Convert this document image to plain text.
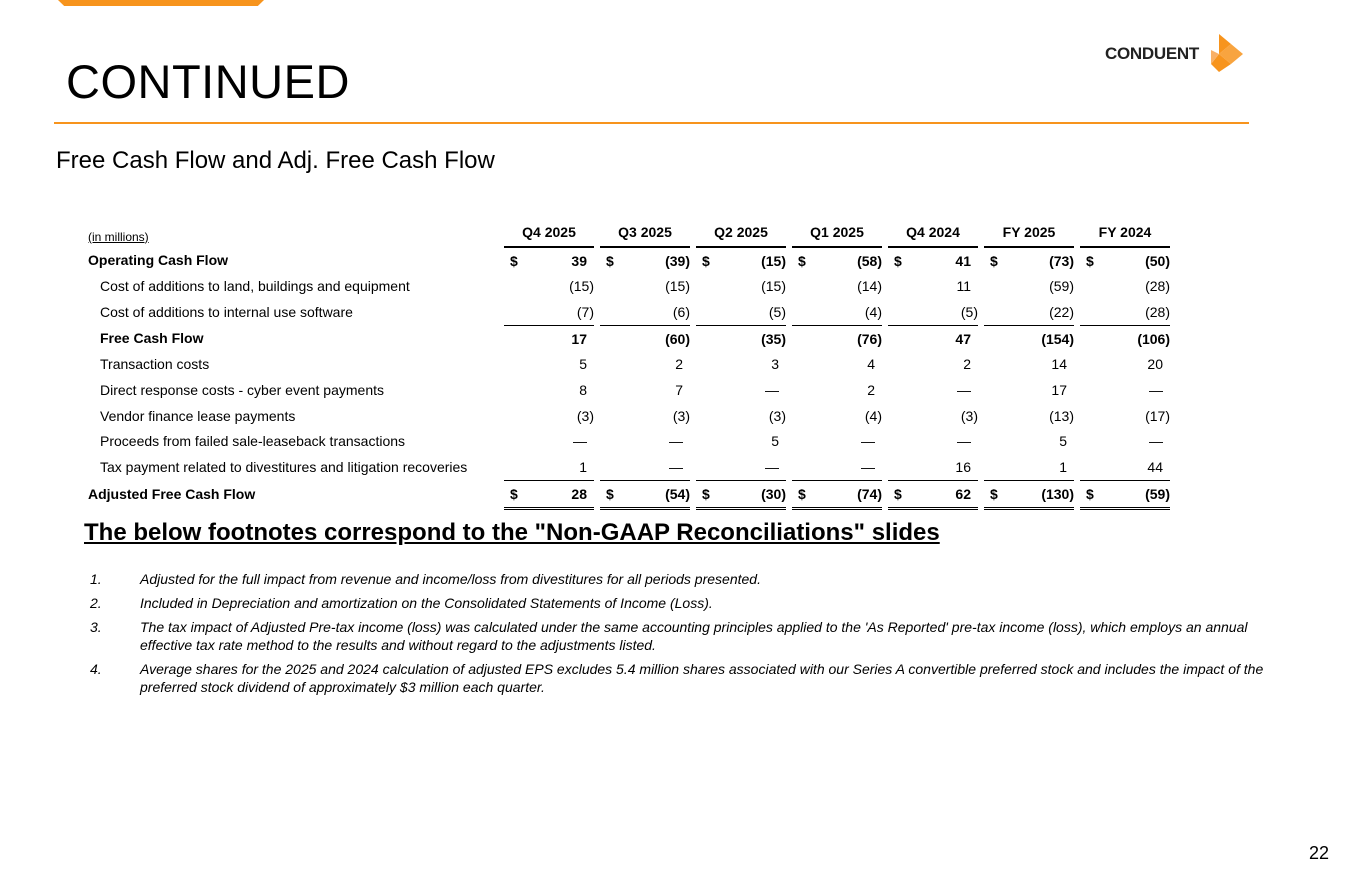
CONTINUED
CONDUENT
Free Cash Flow and Adj. Free Cash Flow
(in millions)	Q4 2025			Q3 2025			Q2 2025			Q1 2025			Q4 2024			FY 2025			FY 2024	
Operating Cash Flow	$	39		$	(39)		$	(15)		$	(58)		$	41		$	(73)		$	(50)
Cost of additions to land, buildings and equipment		(15)			(15)			(15)			(14)			11			(59)			(28)
Cost of additions to internal use software		(7)			(6)			(5)			(4)			(5)			(22)			(28)
Free Cash Flow		17			(60)			(35)			(76)			47			(154)			(106)
Transaction costs		5			2			3			4			2			14			20
Direct response costs - cyber event payments		8			7			—			2			—			17			—
Vendor finance lease payments		(3)			(3)			(3)			(4)			(3)			(13)			(17)
Proceeds from failed sale-leaseback transactions		—			—			5			—			—			5			—
Tax payment related to divestitures and litigation recoveries		1			—			—			—			16			1			44
Adjusted Free Cash Flow	$	28		$	(54)		$	(30)		$	(74)		$	62		$	(130)		$	(59)
The below footnotes correspond to the "Non-GAAP Reconciliations" slides
1.	Adjusted for the full impact from revenue and income/loss from divestitures for all periods presented.
2.	Included in Depreciation and amortization on the Consolidated Statements of Income (Loss).
3.	The tax impact of Adjusted Pre-tax income (loss) was calculated under the same accounting principles applied to the 'As Reported' pre-tax income (loss), which employs an annual effective tax rate method to the results and without regard to the adjustments listed.
4.	Average shares for the 2025 and 2024 calculation of adjusted EPS excludes 5.4 million shares associated with our Series A convertible preferred stock and includes the impact of the preferred stock dividend of approximately $3 million each quarter.
22
